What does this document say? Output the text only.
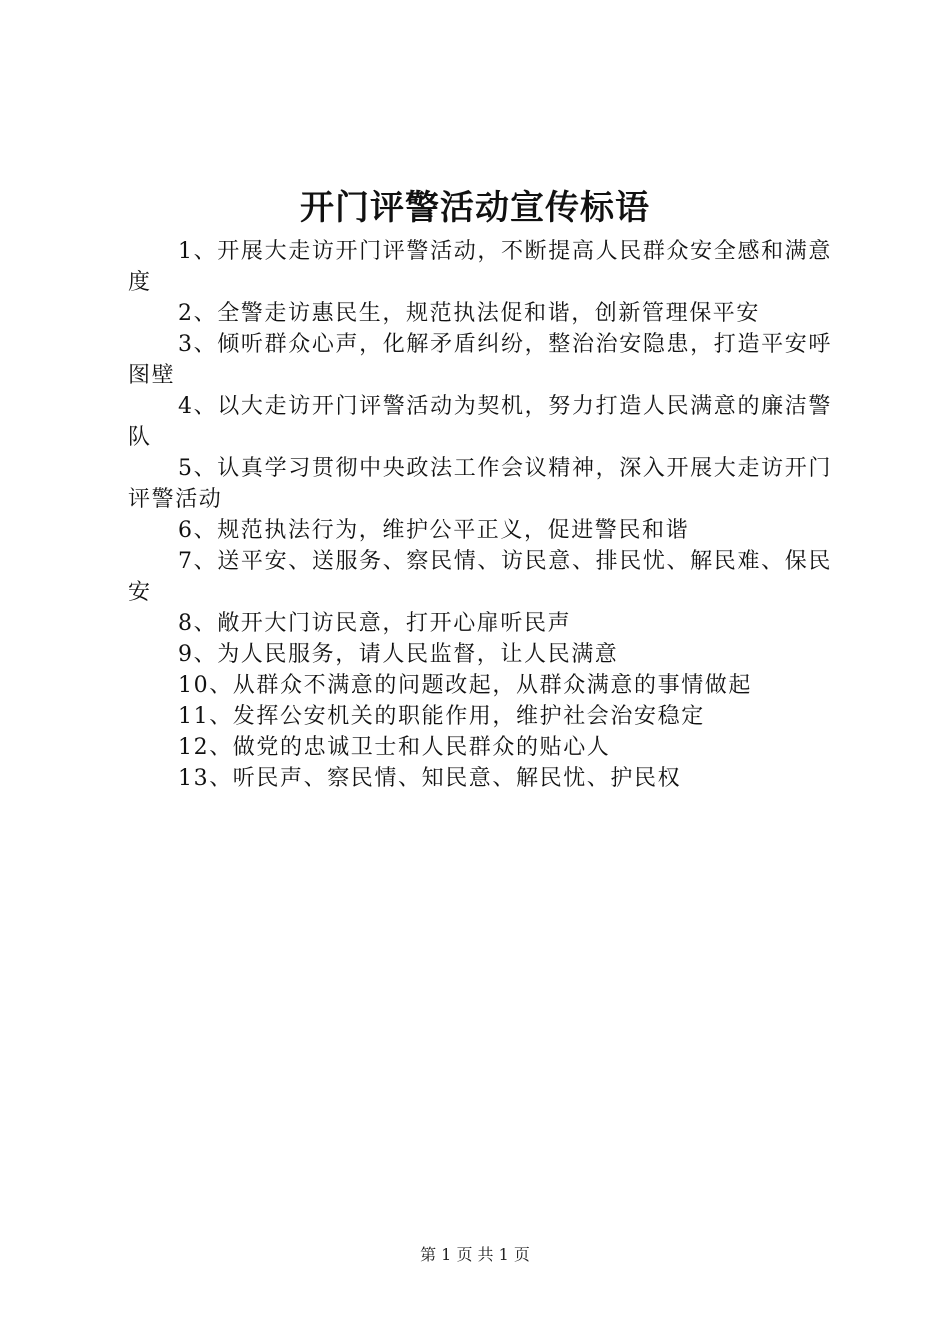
开门评警活动宣传标语

1、开展大走访开门评警活动，不断提高人民群众安全感和满意度

2、全警走访惠民生，规范执法促和谐，创新管理保平安

3、倾听群众心声，化解矛盾纠纷，整治治安隐患，打造平安呼图壁

4、以大走访开门评警活动为契机，努力打造人民满意的廉洁警队

5、认真学习贯彻中央政法工作会议精神，深入开展大走访开门评警活动

6、规范执法行为，维护公平正义，促进警民和谐

7、送平安、送服务、察民情、访民意、排民忧、解民难、保民安

8、敞开大门访民意，打开心扉听民声

9、为人民服务，请人民监督，让人民满意

10、从群众不满意的问题改起，从群众满意的事情做起

11、发挥公安机关的职能作用，维护社会治安稳定

12、做党的忠诚卫士和人民群众的贴心人

13、听民声、察民情、知民意、解民忧、护民权

第 1 页 共 1 页
